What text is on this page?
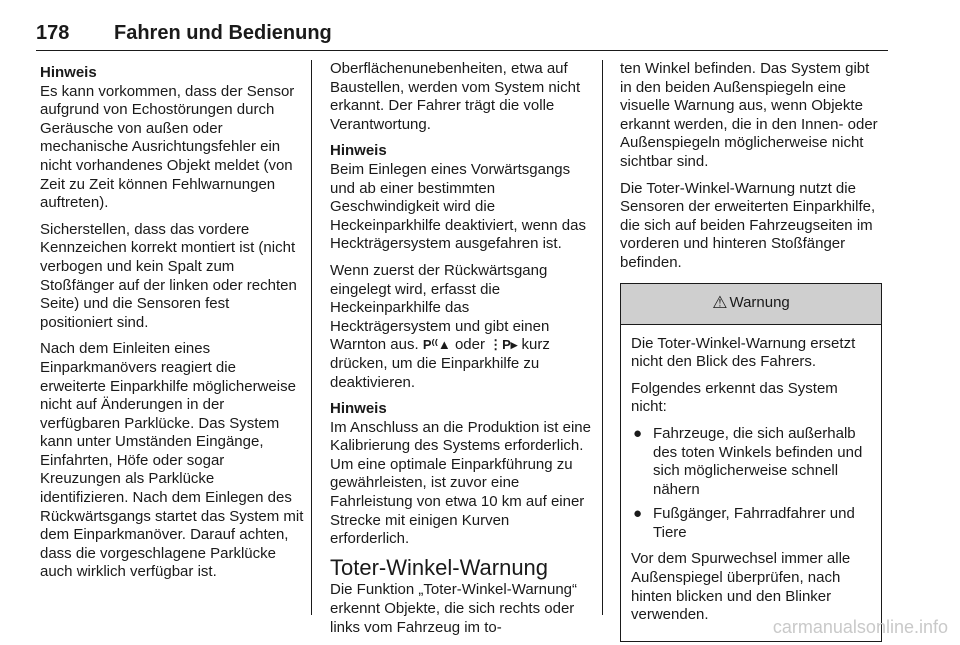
178 Fahren und Bedienung
Hinweis

Es kann vorkommen, dass der Sensor aufgrund von Echostörungen durch Geräusche von außen oder mechanische Ausrichtungsfehler ein nicht vorhandenes Objekt meldet (von Zeit zu Zeit können Fehlwarnungen auftreten).

Sicherstellen, dass das vordere Kennzeichen korrekt montiert ist (nicht verbogen und kein Spalt zum Stoßfänger auf der linken oder rechten Seite) und die Sensoren fest positioniert sind.

Nach dem Einleiten eines Einparkmanövers reagiert die erweiterte Einparkhilfe möglicherweise nicht auf Änderungen in der verfügbaren Parklücke. Das System kann unter Umständen Eingänge, Einfahrten, Höfe oder sogar Kreuzungen als Parklücke identifizieren. Nach dem Einlegen des Rückwärtsgangs startet das System mit dem Einparkmanöver. Darauf achten, dass die vorgeschlagene Parklücke auch wirklich verfügbar ist.

Oberflächenunebenheiten, etwa auf Baustellen, werden vom System nicht erkannt. Der Fahrer trägt die volle Verantwortung.

Hinweis

Beim Einlegen eines Vorwärtsgangs und ab einer bestimmten Geschwindigkeit wird die Heckeinparkhilfe deaktiviert, wenn das Heckträgersystem ausgefahren ist.

Wenn zuerst der Rückwärtsgang eingelegt wird, erfasst die Heckeinparkhilfe das Heckträgersystem und gibt einen Warnton aus. P⁽⁽▲ oder ⋮P▸ kurz drücken, um die Einparkhilfe zu deaktivieren.

Hinweis

Im Anschluss an die Produktion ist eine Kalibrierung des Systems erforderlich. Um eine optimale Einparkführung zu gewährleisten, ist zuvor eine Fahrleistung von etwa 10 km auf einer Strecke mit einigen Kurven erforderlich.

Toter-Winkel-Warnung

Die Funktion „Toter-Winkel-Warnung“ erkennt Objekte, die sich rechts oder links vom Fahrzeug im to-

ten Winkel befinden. Das System gibt in den beiden Außenspiegeln eine visuelle Warnung aus, wenn Objekte erkannt werden, die in den Innen- oder Außenspiegeln möglicherweise nicht sichtbar sind.

Die Toter-Winkel-Warnung nutzt die Sensoren der erweiterten Einparkhilfe, die sich auf beiden Fahrzeugseiten im vorderen und hinteren Stoßfänger befinden.

⚠ Warnung

Die Toter-Winkel-Warnung ersetzt nicht den Blick des Fahrers.

Folgendes erkennt das System nicht:

● Fahrzeuge, die sich außerhalb des toten Winkels befinden und sich möglicherweise schnell nähern
● Fußgänger, Fahrradfahrer und Tiere

Vor dem Spurwechsel immer alle Außenspiegel überprüfen, nach hinten blicken und den Blinker verwenden.

carmanualsonline.info
